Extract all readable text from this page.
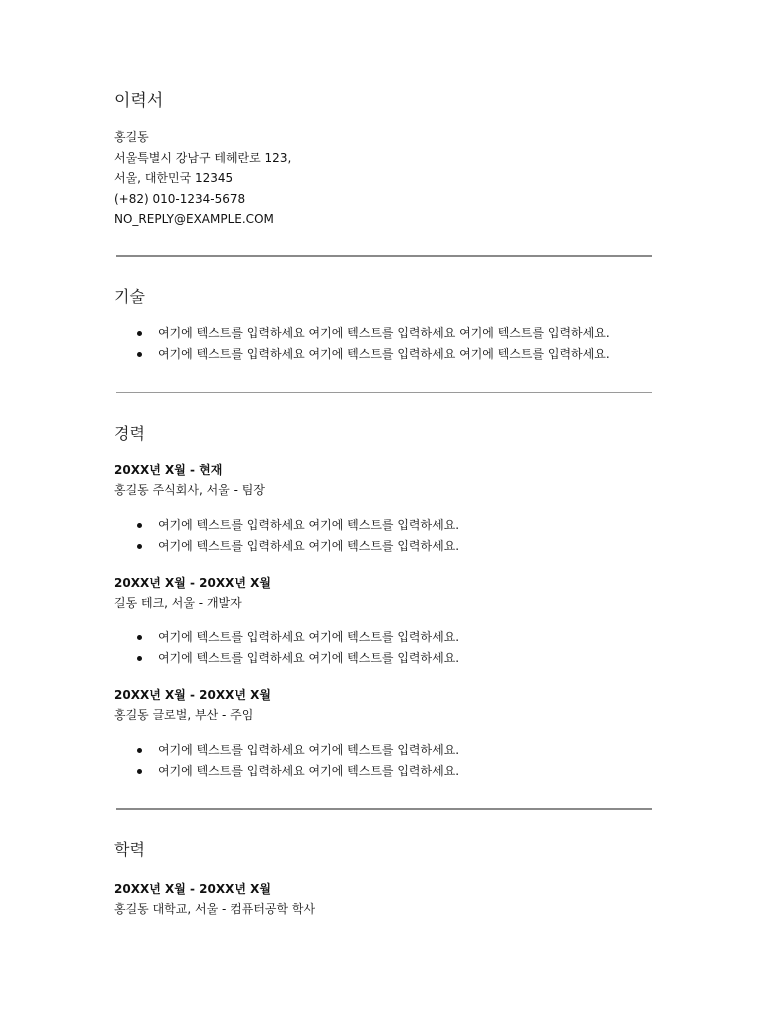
이력서
홍길동
서울특별시 강남구 테헤란로 123,
서울, 대한민국 12345
(+82) 010-1234-5678
NO_REPLY@EXAMPLE.COM
기술
여기에 텍스트를 입력하세요 여기에 텍스트를 입력하세요 여기에 텍스트를 입력하세요.
여기에 텍스트를 입력하세요 여기에 텍스트를 입력하세요 여기에 텍스트를 입력하세요.
경력
20XX년 X월 - 현재
홍길동 주식회사, 서울 - 팀장
여기에 텍스트를 입력하세요 여기에 텍스트를 입력하세요.
여기에 텍스트를 입력하세요 여기에 텍스트를 입력하세요.
20XX년 X월 - 20XX년 X월
길동 테크, 서울 - 개발자
여기에 텍스트를 입력하세요 여기에 텍스트를 입력하세요.
여기에 텍스트를 입력하세요 여기에 텍스트를 입력하세요.
20XX년 X월 - 20XX년 X월
홍길동 글로벌, 부산 - 주임
여기에 텍스트를 입력하세요 여기에 텍스트를 입력하세요.
여기에 텍스트를 입력하세요 여기에 텍스트를 입력하세요.
학력
20XX년 X월 - 20XX년 X월
홍길동 대학교, 서울 - 컴퓨터공학 학사
